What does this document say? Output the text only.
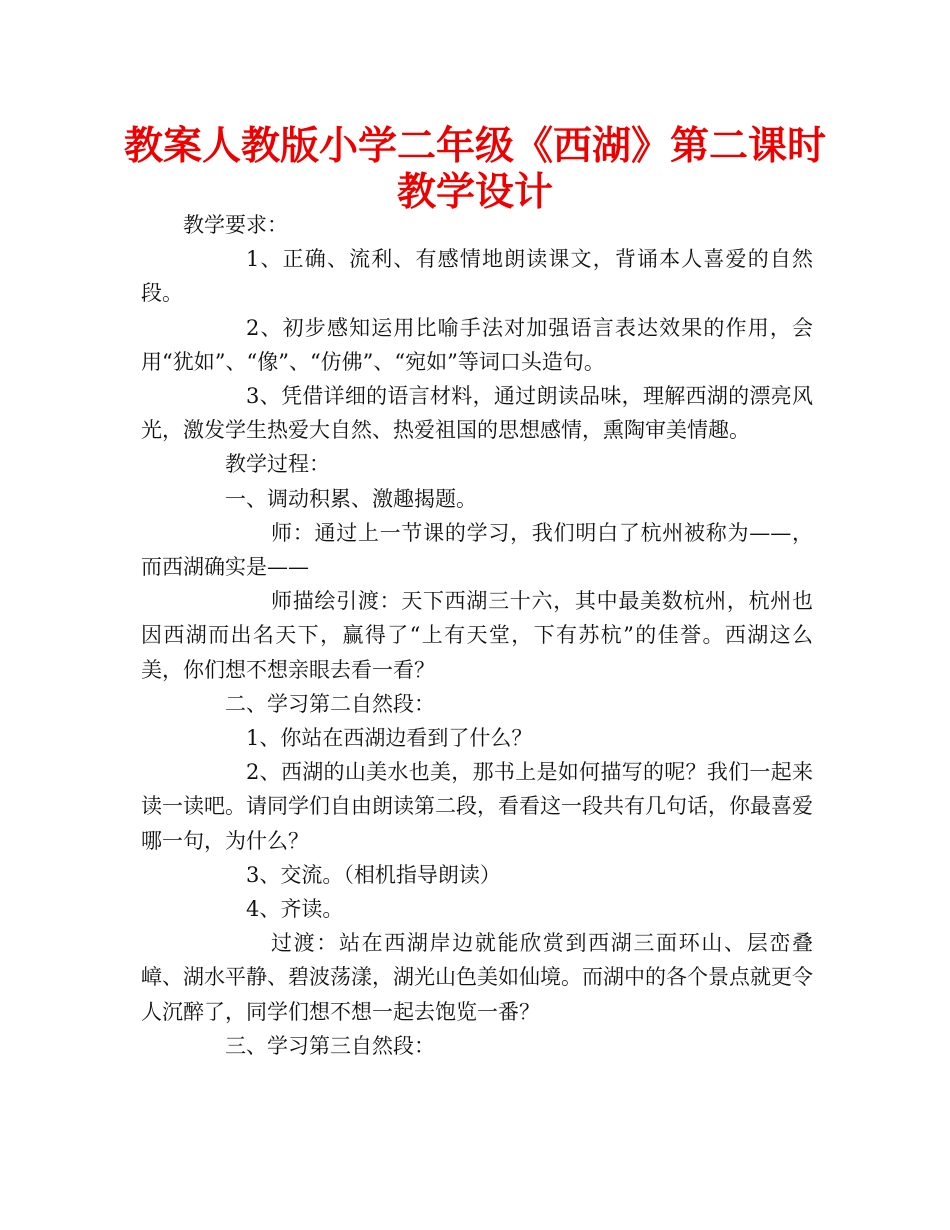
教案人教版小学二年级《西湖》第二课时
教学设计

教学要求：

1、正确、流利、有感情地朗读课文，背诵本人喜爱的自然段。

2、初步感知运用比喻手法对加强语言表达效果的作用，会用“犹如”、“像”、“仿佛”、“宛如”等词口头造句。

3、凭借详细的语言材料，通过朗读品味，理解西湖的漂亮风光，激发学生热爱大自然、热爱祖国的思想感情，熏陶审美情趣。

教学过程：

一、调动积累、激趣揭题。

师：通过上一节课的学习，我们明白了杭州被称为——，而西湖确实是——

师描绘引渡：天下西湖三十六，其中最美数杭州，杭州也因西湖而出名天下，赢得了“上有天堂，下有苏杭”的佳誉。西湖这么美，你们想不想亲眼去看一看？

二、学习第二自然段：

1、你站在西湖边看到了什么？

2、西湖的山美水也美，那书上是如何描写的呢？我们一起来读一读吧。请同学们自由朗读第二段，看看这一段共有几句话，你最喜爱哪一句，为什么？

3、交流。（相机指导朗读）

4、齐读。

过渡：站在西湖岸边就能欣赏到西湖三面环山、层峦叠嶂、湖水平静、碧波荡漾，湖光山色美如仙境。而湖中的各个景点就更令人沉醉了，同学们想不想一起去饱览一番？

三、学习第三自然段：
